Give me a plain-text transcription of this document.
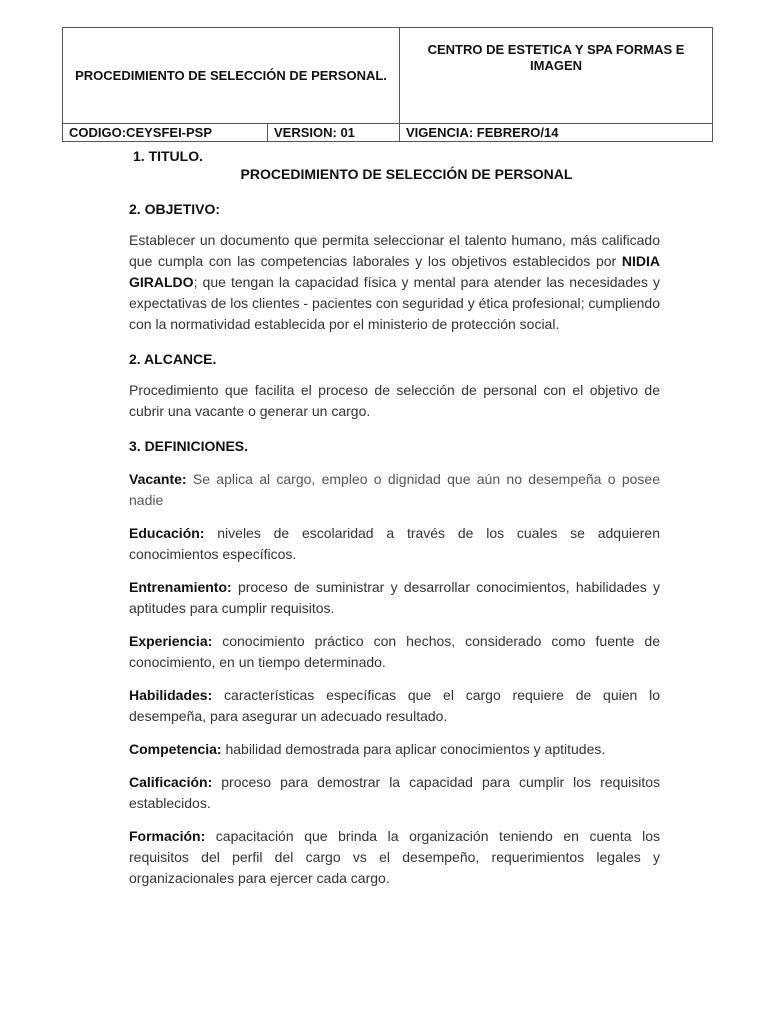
PROCEDIMIENTO DE SELECCIÓN DE PERSONAL.		CENTRO DE ESTETICA Y SPA FORMAS E IMAGEN
CODIGO:CEYSFEI-PSP	VERSION: 01	VIGENCIA: FEBRERO/14
1. TITULO.
PROCEDIMIENTO DE SELECCIÓN DE PERSONAL
2. OBJETIVO:
Establecer un documento que permita seleccionar el talento humano, más calificado que cumpla con las competencias laborales y los objetivos establecidos por NIDIA GIRALDO; que tengan la capacidad física y mental para atender las necesidades y expectativas de los clientes - pacientes con seguridad y ética profesional; cumpliendo con la normatividad establecida por el ministerio de protección social.
2. ALCANCE.
Procedimiento que facilita el proceso de selección de personal con el objetivo de cubrir una vacante o generar un cargo.
3. DEFINICIONES.
Vacante: Se aplica al cargo, empleo o dignidad que aún no desempeña o posee nadie
Educación: niveles de escolaridad a través de los cuales se adquieren conocimientos específicos.
Entrenamiento: proceso de suministrar y desarrollar conocimientos, habilidades y aptitudes para cumplir requisitos.
Experiencia: conocimiento práctico con hechos, considerado como fuente de conocimiento, en un tiempo determinado.
Habilidades: características específicas que el cargo requiere de quien lo desempeña, para asegurar un adecuado resultado.
Competencia: habilidad demostrada para aplicar conocimientos y aptitudes.
Calificación: proceso para demostrar la capacidad para cumplir los requisitos establecidos.
Formación: capacitación que brinda la organización teniendo en cuenta los requisitos del perfil del cargo vs el desempeño, requerimientos legales y organizacionales para ejercer cada cargo.
